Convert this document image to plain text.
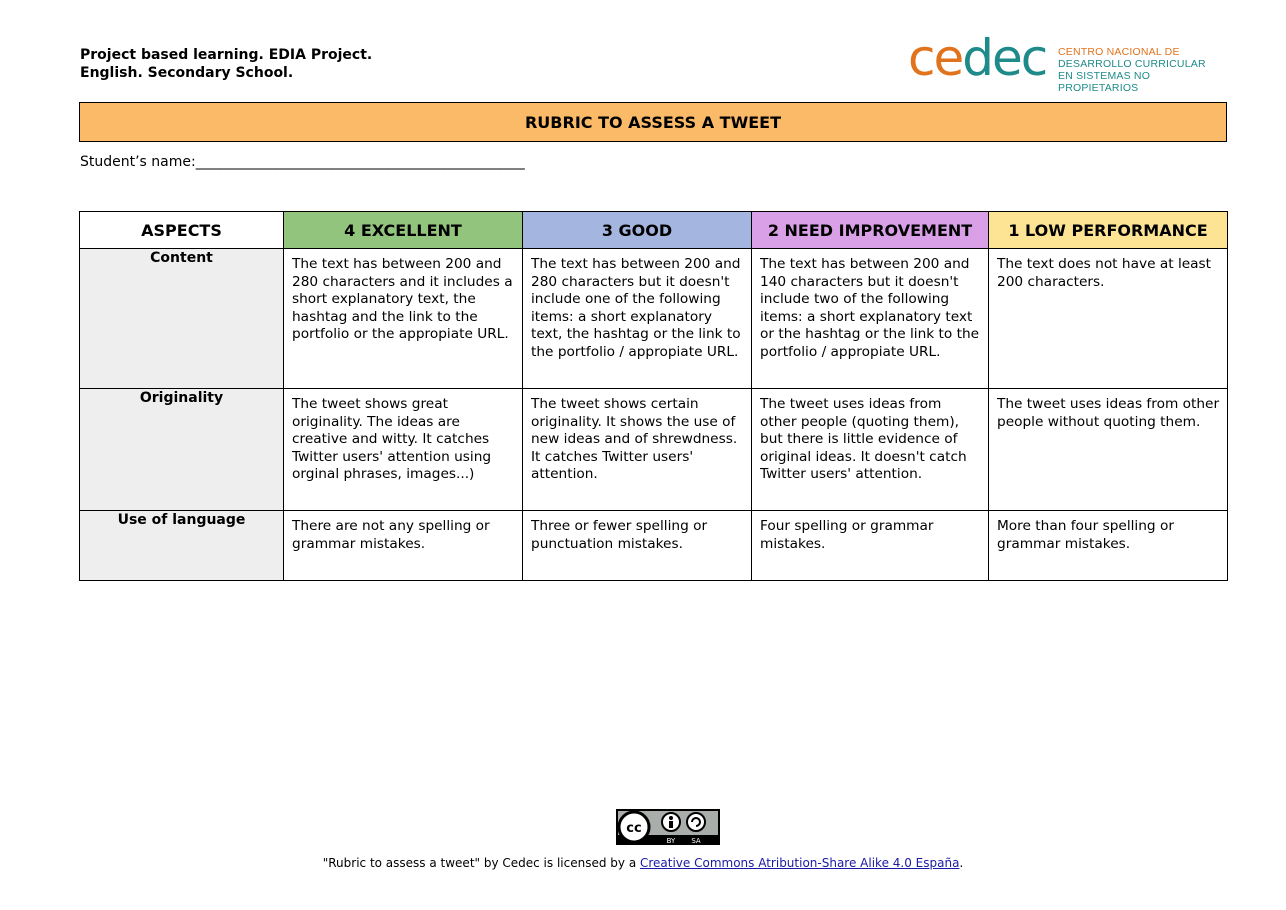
Project based learning. EDIA Project.
English. Secondary School.	cedec CENTRO NACIONAL DE
DESARROLLO CURRICULAR
EN SISTEMAS NO PROPIETARIOS
RUBRIC TO ASSESS A TWEET
Student’s name:_______________________________________________
ASPECTS	4 EXCELLENT	3 GOOD	2 NEED IMPROVEMENT	1 LOW PERFORMANCE
Content	The text has between 200 and 280 characters and it includes a short explanatory text, the hashtag and the link to the portfolio or the appropiate URL.	The text has between 200 and 280 characters but it doesn't include one of the following items: a short explanatory text, the hashtag or the link to the portfolio / appropiate URL.	The text has between 200 and 140 characters but it doesn't include two of the following items: a short explanatory text or the hashtag or the link to the portfolio / appropiate URL.	The text does not have at least 200 characters.
Originality	The tweet shows great originality. The ideas are creative and witty. It catches Twitter users' attention using orginal phrases, images...)	The tweet shows certain originality. It shows the use of new ideas and of shrewdness. It catches Twitter users' attention.	The tweet uses ideas from other people (quoting them), but there is little evidence of original ideas. It doesn't catch Twitter users' attention.	The tweet uses ideas from other people without quoting them.
Use of language	There are not any spelling or grammar mistakes.	Three or fewer spelling or punctuation mistakes.	Four spelling or grammar mistakes.	More than four spelling or grammar mistakes.
cc
BY SA
"Rubric to assess a tweet" by Cedec is licensed by a Creative Commons Atribution-Share Alike 4.0 España.
